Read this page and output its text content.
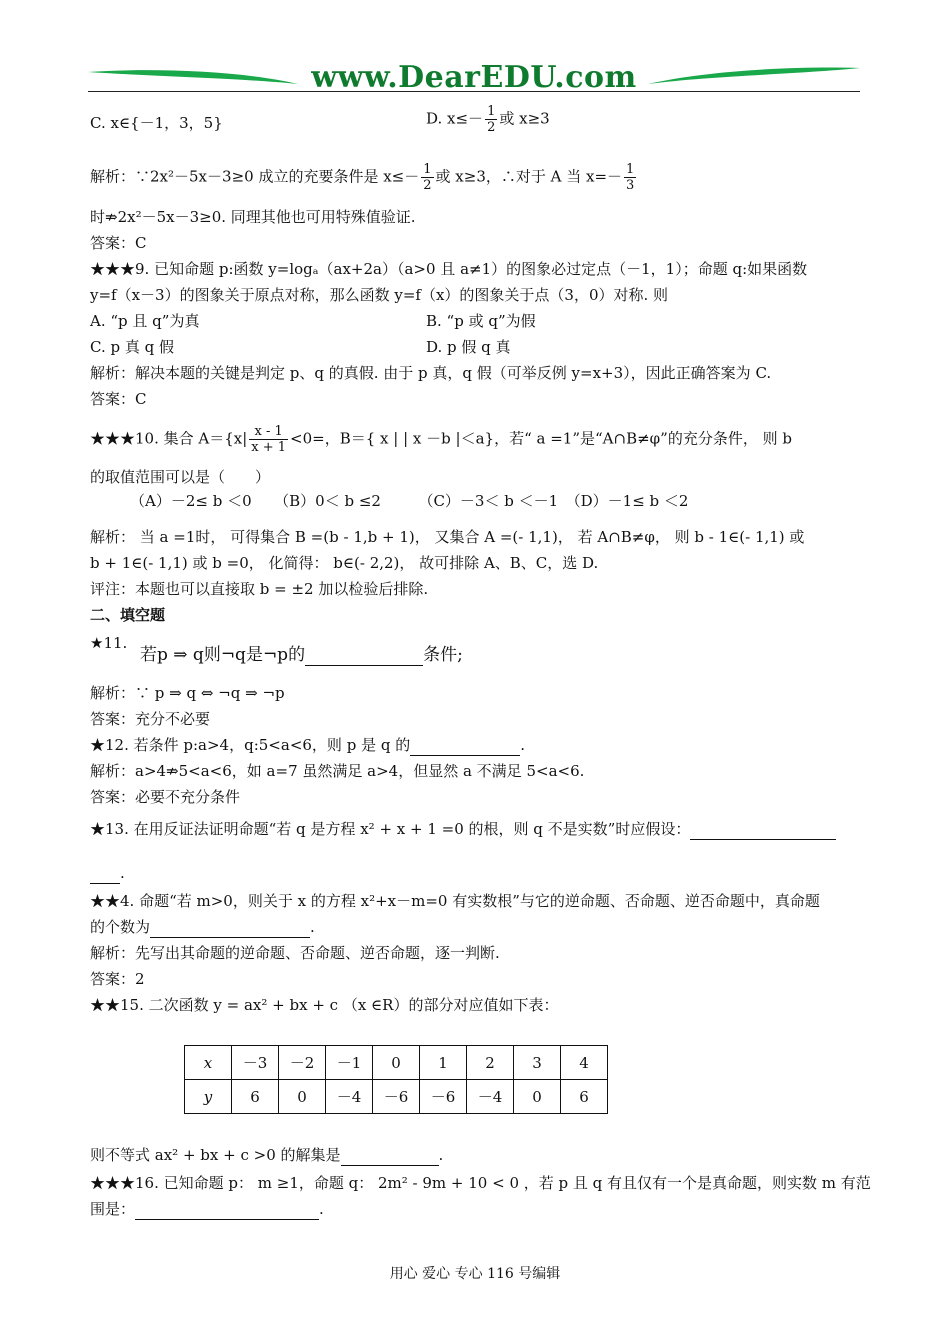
www.DearEDU.com
C. x∈{－1，3，5}	D. $x\le- \frac{1}{2}$ 或 x≥3
解析：∵2x²－5x－3≥0 成立的充要条件是 $x\le- \frac{1}{2}$ 或 x≥3，∴对于 A 当 $x=- \frac{1}{3}$
时⇏2x²－5x－3≥0. 同理其他也可用特殊值验证.
答案：C
★★★9. 已知命题 p:函数 y=logₐ（ax+2a）（a>0 且 a≠1）的图象必过定点（－1，1）；命题 q:如果函数
y=f（x－3）的图象关于原点对称，那么函数 y=f（x）的图象关于点（3，0）对称. 则
A. “p 且 q”为真	B. “p 或 q”为假
C. p 真 q 假	D. p 假 q 真
解析：解决本题的关键是判定 p、q 的真假. 由于 p 真，q 假（可举反例 y=x+3），因此正确答案为 C.
答案：C
★★★10. 集合 $A=\{x| \frac{x - 1}{x + 1} <0=$，B＝{ x | | x －b |＜a}，若“ a =1”是“A∩B≠φ”的充分条件， 则 b
的取值范围可以是（　　）
（A）－2≤ b ＜0　　（B）0＜ b ≤2　　　（C）－3＜ b ＜－1　（D）－1≤ b ＜2
解析： 当 a =1时， 可得集合 B =(b - 1,b + 1)， 又集合 A =(- 1,1)， 若 A∩B≠φ， 则 b - 1∈(- 1,1) 或
b + 1∈(- 1,1) 或 b =0， 化简得： b∈(- 2,2)， 故可排除 A、B、C，选 D.
评注：本题也可以直接取 b = ±2 加以检验后排除.
二、填空题
★11.
若p ⇒ q则¬q是¬p的	条件;
解析：∵ p ⇒ q ⇔ ¬q ⇒ ¬p
答案：充分不必要
★12. 若条件 p:a>4，q:5<a<6，则 p 是 q 的	.
解析：a>4⇏5<a<6，如 a=7 虽然满足 a>4，但显然 a 不满足 5<a<6.
答案：必要不充分条件
★13. 在用反证法证明命题“若 q 是方程 x² + x + 1 =0 的根，则 q 不是实数”时应假设：
.
★★4. 命题“若 m>0，则关于 x 的方程 x²+x－m=0 有实数根”与它的逆命题、否命题、逆否命题中，真命题
的个数为	.
解析：先写出其命题的逆命题、否命题、逆否命题，逐一判断.
答案：2
★★15. 二次函数 y = ax² + bx + c （x ∈R）的部分对应值如下表：
x	－3	－2	－1	0	1	2	3	4
y	6	0	－4	－6	－6	－4	0	6
则不等式 ax² + bx + c >0 的解集是	.
★★★16. 已知命题 p： m ≥1，命题 q： 2m² - 9m + 10 < 0 ，若 p 且 q 有且仅有一个是真命题，则实数 m 有范
围是：	.
用心 爱心 专心 116 号编辑
